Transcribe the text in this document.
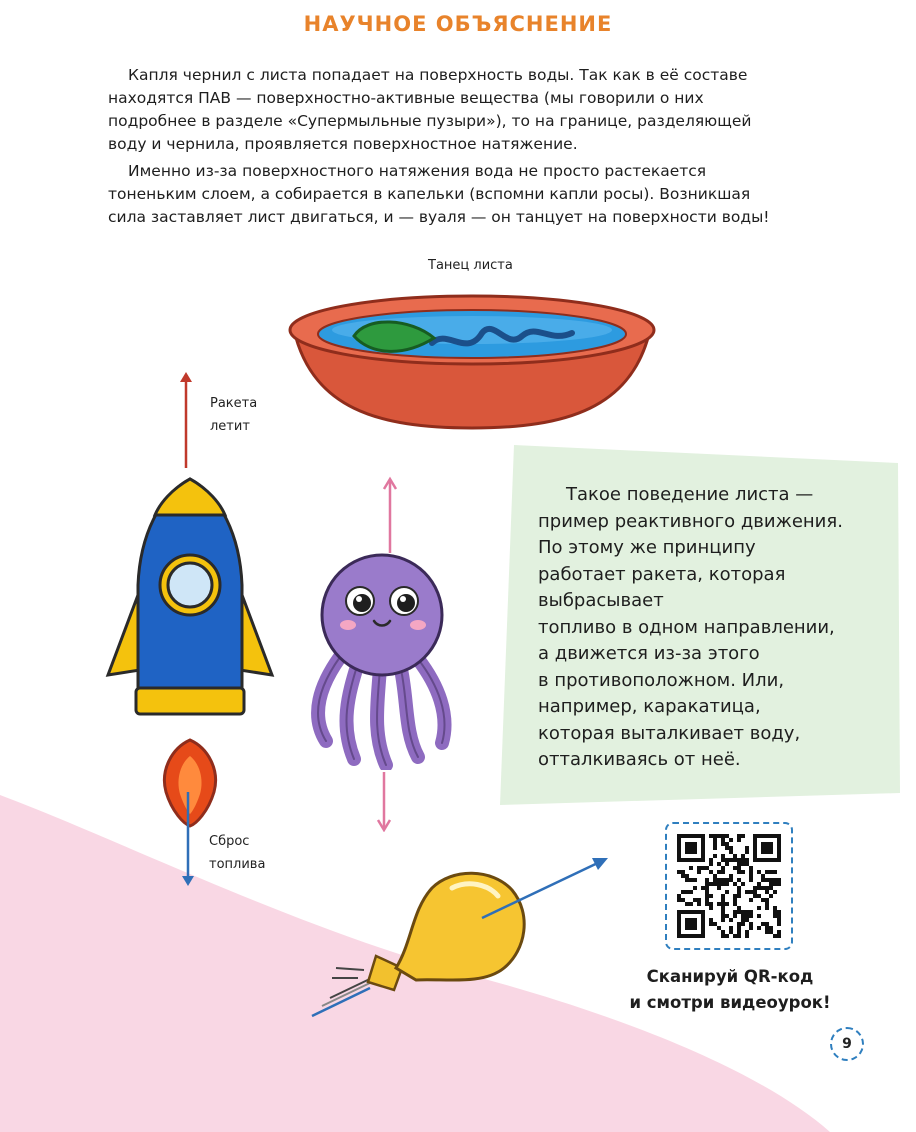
НАУЧНОЕ ОБЪЯСНЕНИЕ
Капля чернил с листа попадает на поверхность воды. Так как в её составе
находятся ПАВ — поверхностно-активные вещества (мы говорили о них
подробнее в разделе «Супермыльные пузыри»), то на границе, разделяющей
воду и чернила, проявляется поверхностное натяжение.
Именно из-за поверхностного натяжения вода не просто растекается
тоненьким слоем, а собирается в капельки (вспомни капли росы). Возникшая
сила заставляет лист двигаться, и — вуаля — он танцует на поверхности воды!
Танец листа
Ракета
летит
Сброс
топлива
Такое поведение листа —
пример реактивного движения.
По этому же принципу
работает ракета, которая
выбрасывает
топливо в одном направлении,
а движется из-за этого
в противоположном. Или,
например, каракатица,
которая выталкивает воду,
отталкиваясь от неё.
Сканируй QR-код
и смотри видеоурок!
9
